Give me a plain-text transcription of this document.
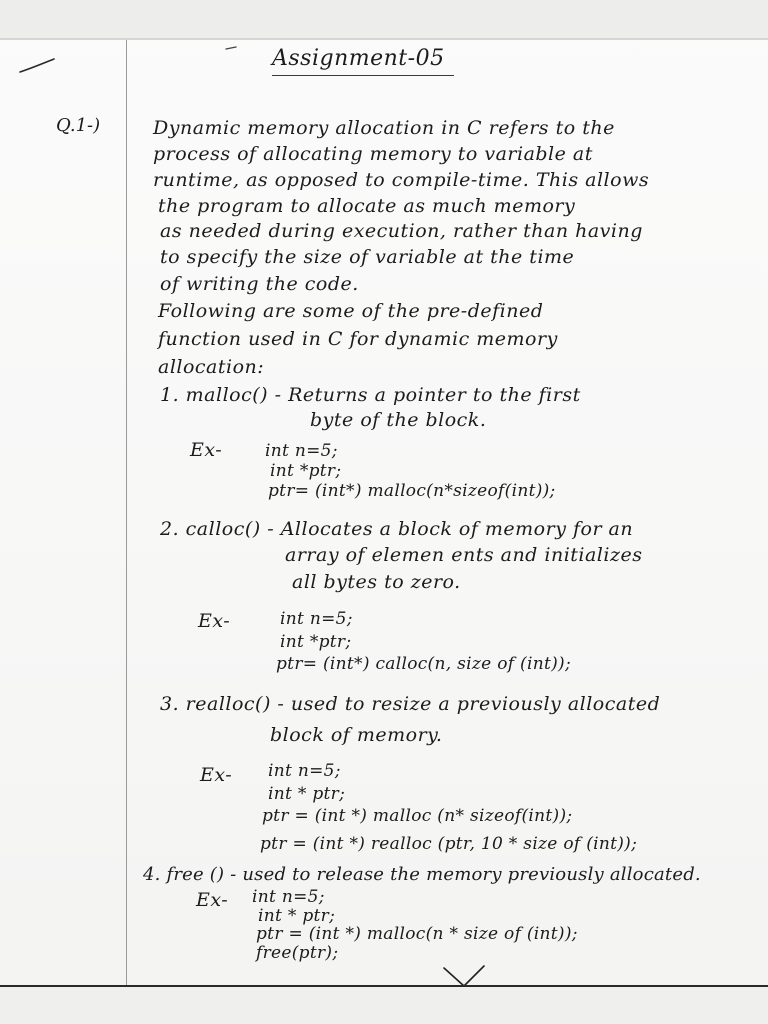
Assignment-05
Q.1-)	Dynamic memory allocation in C refers to the
process of allocating memory to variable at
runtime, as opposed to compile-time. This allows
the program to allocate as much memory
as needed during execution, rather than having
to specify the size of variable at the time
of writing the code.
Following are some of the pre-defined
function used in C for dynamic memory
allocation:
1. malloc() - Returns a pointer to the first
byte of the block.
Ex-	int n=5;
int *ptr;
ptr= (int*) malloc(n*sizeof(int));
2. calloc() - Allocates a block of memory for an
array of elemen ents and initializes
all bytes to zero.
Ex-	int n=5;
int *ptr;
ptr= (int*) calloc(n, size of (int));
3. realloc() - used to resize a previously allocated
block of memory.
Ex- int n=5;
int * ptr;
ptr = (int *) malloc (n* sizeof(int));
ptr = (int *) realloc (ptr, 10 * size of (int));
4. free () - used to release the memory previously allocated.
Ex- int n=5;
int * ptr;
ptr = (int *) malloc(n * size of (int));
free(ptr);
